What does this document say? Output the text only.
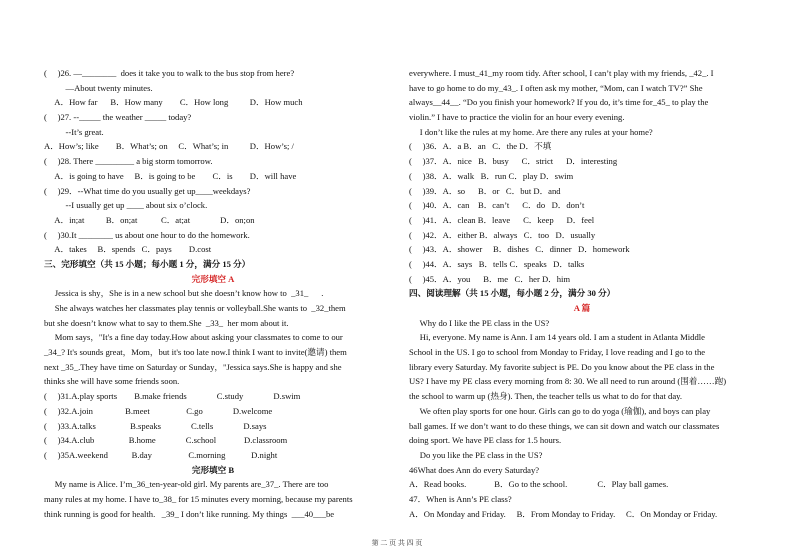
(     )26. —________  does it take you to walk to the bus stop from here?
—About twenty minutes.
A．How far      B．How many        C．How long          D．How much
(     )27. --_____ the weather _____ today?
--It’s great.
A．How’s; like        B．What’s; on     C．What’s; in          D．How’s; /
(     )28. There _________ a big storm tomorrow.
A．is going to have     B．is going to be        C．is        D．will have
(     )29．--What time do you usually get up____weekdays?
--I usually get up ____ about six o’clock.
A．in;at          B．on;at           C．at;at              D．on;on
(     )30.It ________ us about one hour to do the homework.
A．takes     B．spends   C．pays        D.cost
三、完形填空（共 15 小题；每小题 1 分，满分 15 分）
完形填空 A
Jessica is shy，She is in a new school but she doesn’t know how to  _31_      .
She always watches her classmates play tennis or volleyball.She wants to  _32_them
but she doesn’t know what to say to them.She  _33_  her mom about it.
Mom says，"It's a fine day today.How about asking your classmates to come to our
_34_? It's sounds great，Mom，but it's too late now.I think I want to invite(邀请) them
next _35_.They have time on Saturday or Sunday，"Jessica says.She is happy and she
thinks she will have some friends soon.
(     )31.A.play sports        B.make friends              C.study              D.swim
(     )32.A.join               B.meet                 C.go              D.welcome
(     )33.A.talks                B.speaks              C.tells              D.says
(     )34.A.club                B.home              C.school             D.classroom
(     )35A.weekend           B.day                 C.morning            D.night
完形填空 B
My name is Alice. I’m_36_ten-year-old girl. My parents are_37_. There are too
many rules at my home. I have to_38_ for 15 minutes every morning, because my parents
think running is good for health.   _39_ I don’t like running. My things  ___40___be
everywhere. I must_41_my room tidy. After school, I can’t play with my friends, _42_. I
have to go home to do my_43_. I often ask my mother, “Mom, can I watch TV?” She
always__44__. “Do you finish your homework? If you do, it’s time for_45_ to play the
violin.” I have to practice the violin for an hour every evening.
I don’t like the rules at my home. Are there any rules at your home?
(     )36．A．a B．an   C．the D．不填
(     )37．A．nice   B．busy      C．strict      D．interesting
(     )38．A．walk   B．run C．play D．swim
(     )39．A．so      B．or   C．but D．and
(     )40．A．can    B．can’t      C．do   D．don’t
(     )41．A．clean B．leave      C．keep      D．feel
(     )42．A．either B．always   C．too   D．usually
(     )43．A．shower     B．dishes   C．dinner   D．homework
(     )44．A．says   B．tells C．speaks   D．talks
(     )45．A．you      B．me   C．her D．him
四、阅读理解（共 15 小题，每小题 2 分，满分 30 分）
A 篇
Why do I like the PE class in the US?
Hi, everyone. My name is Ann. I am 14 years old. I am a student in Atlanta Middle
School in the US. I go to school from Monday to Friday, I love reading and I go to the
library every Saturday. My favorite subject is PE. Do you know about the PE class in the
US? I have my PE class every morning from 8: 30. We all need to run around (围着……跑)
the school to warm up (热身). Then, the teacher tells us what to do for that day.
We often play sports for one hour. Girls can go to do yoga (瑜伽), and boys can play
ball games. If we don’t want to do these things, we can sit down and watch our classmates
doing sport. We have PE class for 1.5 hours.
Do you like the PE class in the US?
46What does Ann do every Saturday?
A．Read books.             B．Go to the school.              C．Play ball games.
47．When is Ann’s PE class?
A．On Monday and Friday.     B．From Monday to Friday.     C．On Monday or Friday.
第 二 页 共 四 页
